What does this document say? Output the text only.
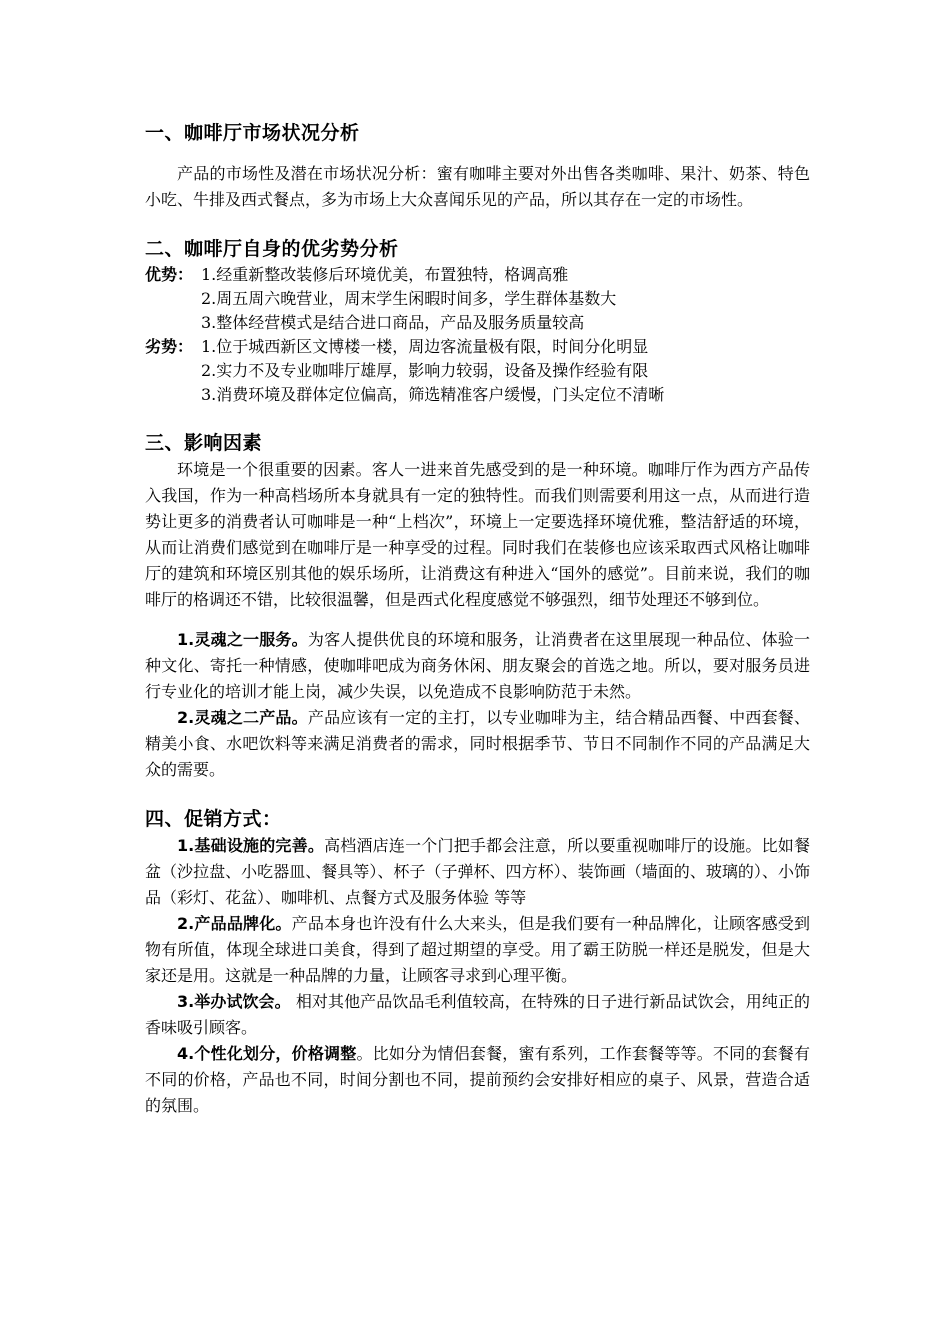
一、咖啡厅市场状况分析

产品的市场性及潜在市场状况分析：蜜有咖啡主要对外出售各类咖啡、果汁、奶茶、特色小吃、牛排及西式餐点，多为市场上大众喜闻乐见的产品，所以其存在一定的市场性。

二、咖啡厅自身的优劣势分析
优势： 1.经重新整改装修后环境优美，布置独特，格调高雅
2.周五周六晚营业，周末学生闲暇时间多，学生群体基数大
3.整体经营模式是结合进口商品，产品及服务质量较高
劣势： 1.位于城西新区文博楼一楼，周边客流量极有限，时间分化明显
2.实力不及专业咖啡厅雄厚，影响力较弱，设备及操作经验有限
3.消费环境及群体定位偏高，筛选精准客户缓慢，门头定位不清晰
三、影响因素

环境是一个很重要的因素。客人一进来首先感受到的是一种环境。咖啡厅作为西方产品传入我国，作为一种高档场所本身就具有一定的独特性。而我们则需要利用这一点，从而进行造势让更多的消费者认可咖啡是一种“上档次”，环境上一定要选择环境优雅，整洁舒适的环境，从而让消费们感觉到在咖啡厅是一种享受的过程。同时我们在装修也应该采取西式风格让咖啡厅的建筑和环境区别其他的娱乐场所，让消费这有种进入“国外的感觉”。目前来说，我们的咖啡厅的格调还不错，比较很温馨，但是西式化程度感觉不够强烈，细节处理还不够到位。

1.灵魂之一服务。为客人提供优良的环境和服务，让消费者在这里展现一种品位、体验一种文化、寄托一种情感，使咖啡吧成为商务休闲、朋友聚会的首选之地。所以，要对服务员进行专业化的培训才能上岗，减少失误，以免造成不良影响防范于未然。

2.灵魂之二产品。产品应该有一定的主打，以专业咖啡为主，结合精品西餐、中西套餐、精美小食、水吧饮料等来满足消费者的需求，同时根据季节、节日不同制作不同的产品满足大众的需要。

四、促销方式：

1.基础设施的完善。高档酒店连一个门把手都会注意，所以要重视咖啡厅的设施。比如餐盆（沙拉盘、小吃器皿、餐具等）、杯子（子弹杯、四方杯）、装饰画（墙面的、玻璃的）、小饰品（彩灯、花盆）、咖啡机、点餐方式及服务体验 等等

2.产品品牌化。产品本身也许没有什么大来头，但是我们要有一种品牌化，让顾客感受到物有所值，体现全球进口美食，得到了超过期望的享受。用了霸王防脱一样还是脱发，但是大家还是用。这就是一种品牌的力量，让顾客寻求到心理平衡。

3.举办试饮会。 相对其他产品饮品毛利值较高，在特殊的日子进行新品试饮会，用纯正的香味吸引顾客。

4.个性化划分，价格调整。比如分为情侣套餐，蜜有系列，工作套餐等等。不同的套餐有不同的价格，产品也不同，时间分割也不同，提前预约会安排好相应的桌子、风景，营造合适的氛围。
